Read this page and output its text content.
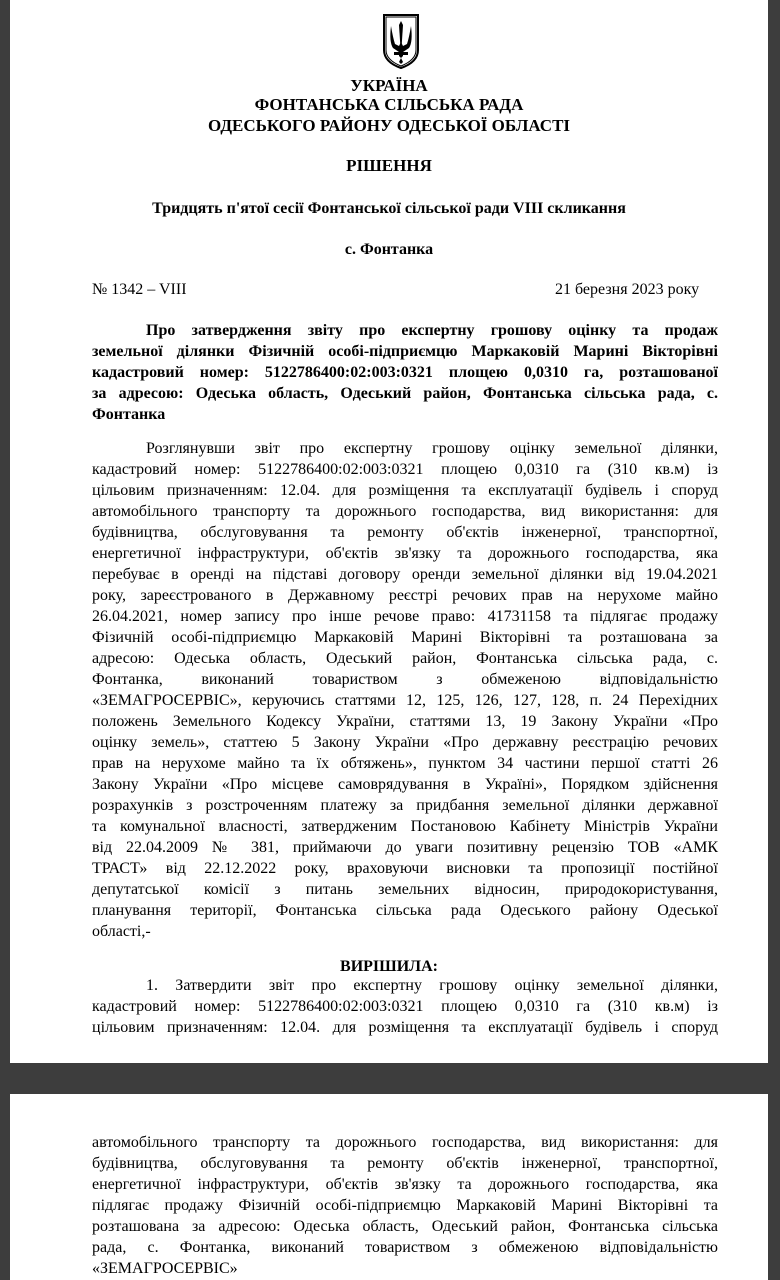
УКРАЇНА
ФОНТАНСЬКА СІЛЬСЬКА РАДА
ОДЕСЬКОГО РАЙОНУ ОДЕСЬКОЇ ОБЛАСТІ
РІШЕННЯ
Тридцять п'ятої сесії Фонтанської сільської ради VIII скликання
с. Фонтанка
№ 1342 – VIII	21 березня 2023 року
Про затвердження звіту про експертну грошову оцінку та продаж
земельної ділянки Фізичній особі-підприємцю Маркаковій Марині Вікторівні
кадастровий номер: 5122786400:02:003:0321 площею 0,0310 га, розташованої
за адресою: Одеська область, Одеський район, Фонтанська сільська рада, с.
Фонтанка
Розглянувши звіт про експертну грошову оцінку земельної ділянки,
кадастровий номер: 5122786400:02:003:0321 площею 0,0310 га (310 кв.м) із
цільовим призначенням: 12.04. для розміщення та експлуатації будівель і споруд
автомобільного транспорту та дорожнього господарства, вид використання: для
будівництва, обслуговування та ремонту об'єктів інженерної, транспортної,
енергетичної інфраструктури, об'єктів зв'язку та дорожнього господарства, яка
перебуває в оренді на підставі договору оренди земельної ділянки від 19.04.2021
року, зареєстрованого в Державному реєстрі речових прав на нерухоме майно
26.04.2021, номер запису про інше речове право: 41731158 та підлягає продажу
Фізичній особі-підприємцю Маркаковій Марині Вікторівні та розташована за
адресою: Одеська область, Одеський район, Фонтанська сільська рада, с.
Фонтанка, виконаний товариством з обмеженою відповідальністю
«ЗЕМАГРОСЕРВІС», керуючись статтями 12, 125, 126, 127, 128, п. 24 Перехідних
положень Земельного Кодексу України, статтями 13, 19 Закону України «Про
оцінку земель», статтею 5 Закону України «Про державну реєстрацію речових
прав на нерухоме майно та їх обтяжень», пунктом 34 частини першої статті 26
Закону України «Про місцеве самоврядування в Україні», Порядком здійснення
розрахунків з розстроченням платежу за придбання земельної ділянки державної
та комунальної власності, затвердженим Постановою Кабінету Міністрів України
від 22.04.2009 № 381, приймаючи до уваги позитивну рецензію ТОВ «АМК
ТРАСТ» від 22.12.2022 року, враховуючи висновки та пропозиції постійної
депутатської комісії з питань земельних відносин, природокористування,
планування території, Фонтанська сільська рада Одеського району Одеської
області,-
ВИРІШИЛА:
1. Затвердити звіт про експертну грошову оцінку земельної ділянки,
кадастровий номер: 5122786400:02:003:0321 площею 0,0310 га (310 кв.м) із
цільовим призначенням: 12.04. для розміщення та експлуатації будівель і споруд
автомобільного транспорту та дорожнього господарства, вид використання: для
будівництва, обслуговування та ремонту об'єктів інженерної, транспортної,
енергетичної інфраструктури, об'єктів зв'язку та дорожнього господарства, яка
підлягає продажу Фізичній особі-підприємцю Маркаковій Марині Вікторівні та
розташована за адресою: Одеська область, Одеський район, Фонтанська сільська
рада, с. Фонтанка, виконаний товариством з обмеженою відповідальністю
«ЗЕМАГРОСЕРВІС»
